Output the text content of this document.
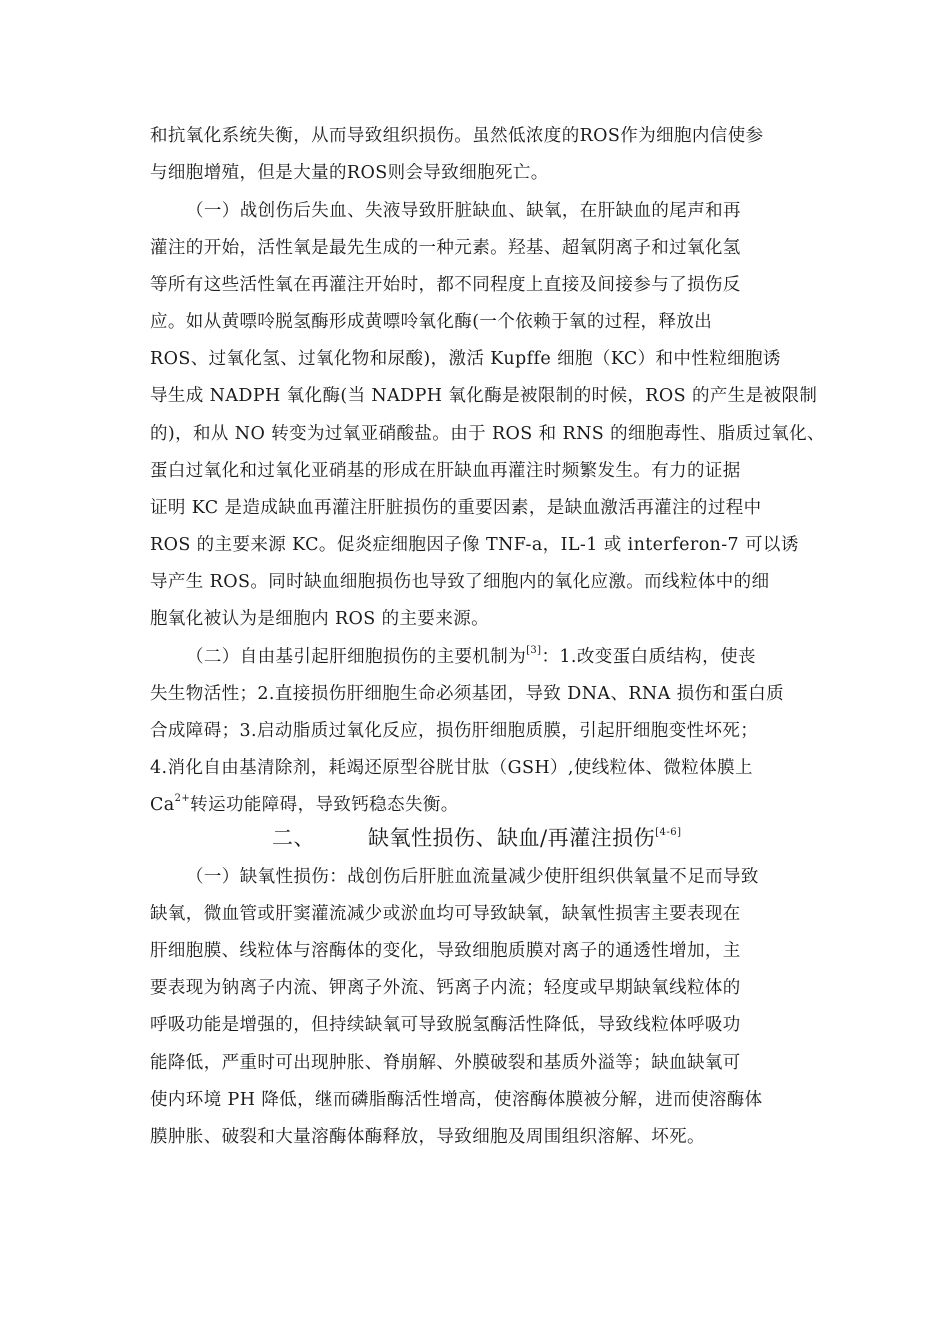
和抗氧化系统失衡，从而导致组织损伤。虽然低浓度的ROS作为细胞内信使参
与细胞增殖，但是大量的ROS则会导致细胞死亡。
（一）战创伤后失血、失液导致肝脏缺血、缺氧，在肝缺血的尾声和再
灌注的开始，活性氧是最先生成的一种元素。羟基、超氧阴离子和过氧化氢
等所有这些活性氧在再灌注开始时，都不同程度上直接及间接参与了损伤反
应。如从黄嘌呤脱氢酶形成黄嘌呤氧化酶(一个依赖于氧的过程，释放出
ROS、过氧化氢、过氧化物和尿酸)，激活 Kupffe 细胞（KC）和中性粒细胞诱
导生成 NADPH 氧化酶(当 NADPH 氧化酶是被限制的时候，ROS 的产生是被限制
的)，和从 NO 转变为过氧亚硝酸盐。由于 ROS 和 RNS 的细胞毒性、脂质过氧化、
蛋白过氧化和过氧化亚硝基的形成在肝缺血再灌注时频繁发生。有力的证据
证明 KC 是造成缺血再灌注肝脏损伤的重要因素，是缺血激活再灌注的过程中
ROS 的主要来源 KC。促炎症细胞因子像 TNF-a，IL-1 或 interferon-7 可以诱
导产生 ROS。同时缺血细胞损伤也导致了细胞内的氧化应激。而线粒体中的细
胞氧化被认为是细胞内 ROS 的主要来源。
（二）自由基引起肝细胞损伤的主要机制为[3]：1.改变蛋白质结构，使丧
失生物活性；2.直接损伤肝细胞生命必须基团，导致 DNA、RNA 损伤和蛋白质
合成障碍；3.启动脂质过氧化反应，损伤肝细胞质膜，引起肝细胞变性坏死；
4.消化自由基清除剂，耗竭还原型谷胱甘肽（GSH）,使线粒体、微粒体膜上
$Ca^{2+}$转运功能障碍，导致钙稳态失衡。
二、	缺氧性损伤、缺血/再灌注损伤[4-6]
（一）缺氧性损伤：战创伤后肝脏血流量减少使肝组织供氧量不足而导致
缺氧，微血管或肝窦灌流减少或淤血均可导致缺氧，缺氧性损害主要表现在
肝细胞膜、线粒体与溶酶体的变化，导致细胞质膜对离子的通透性增加，主
要表现为钠离子内流、钾离子外流、钙离子内流；轻度或早期缺氧线粒体的
呼吸功能是增强的，但持续缺氧可导致脱氢酶活性降低，导致线粒体呼吸功
能降低，严重时可出现肿胀、脊崩解、外膜破裂和基质外溢等；缺血缺氧可
使内环境 PH 降低，继而磷脂酶活性增高，使溶酶体膜被分解，进而使溶酶体
膜肿胀、破裂和大量溶酶体酶释放，导致细胞及周围组织溶解、坏死。
